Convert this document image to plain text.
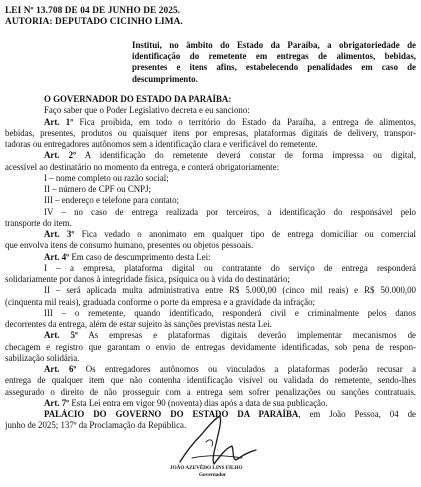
LEI Nº 13.708 DE 04 DE JUNHO DE 2025.
AUTORIA: DEPUTADO CICINHO LIMA.
Institui, no âmbito do Estado da Paraíba, a obrigatoriedade de
identificação do remetente em entregas de alimentos, bebidas,
presentes e itens afins, estabelecendo penalidades em caso de
descumprimento.
O GOVERNADOR DO ESTADO DA PARAÍBA:
Faço saber que o Poder Legislativo decreta e eu sanciono:
Art. 1º Fica proibida, em todo o território do Estado da Paraíba, a entrega de alimentos,
bebidas, presentes, produtos ou quaisquer itens por empresas, plataformas digitais de delivery, transpor-
tadoras ou entregadores autônomos sem a identificação clara e verificável do remetente.
Art. 2º A identificação do remetente deverá constar de forma impressa ou digital,
acessível ao destinatário no momento da entrega, e conterá obrigatoriamente:
I – nome completo ou razão social;
II – número de CPF ou CNPJ;
III – endereço e telefone para contato;
IV – no caso de entrega realizada por terceiros, a identificação do responsável pelo
transporte do item.
Art. 3º Fica vedado o anonimato em qualquer tipo de entrega domiciliar ou comercial
que envolva itens de consumo humano, presentes ou objetos pessoais.
Art. 4º Em caso de descumprimento desta Lei:
I – a empresa, plataforma digital ou contratante do serviço de entrega responderá
solidariamente por danos à integridade física, psíquica ou à vida do destinatário;
II – será aplicada multa administrativa entre R$ 5.000,00 (cinco mil reais) e R$ 50.000,00
(cinquenta mil reais), graduada conforme o porte da empresa e a gravidade da infração;
III – o remetente, quando identificado, responderá civil e criminalmente pelos danos
decorrentes da entrega, além de estar sujeito às sanções previstas nesta Lei.
Art. 5º As empresas e plataformas digitais deverão implementar mecanismos de
checagem e registro que garantam o envio de entregas devidamente identificadas, sob pena de respon-
sabilização solidária.
Art. 6º Os entregadores autônomos ou vinculados a plataformas poderão recusar a
entrega de qualquer item que não contenha identificação visível ou validada do remetente, sendo-lhes
assegurado o direito de não prosseguir com a entrega sem sofrer penalizações ou sanções contratuais.
Art. 7º Esta Lei entra em vigor 90 (noventa) dias após a data de sua publicação.
PALÁCIO DO GOVERNO DO ESTADO DA PARAÍBA, em João Pessoa, 04 de
junho de 2025; 137º da Proclamação da República.
JOÃO AZEVÊDO LINS FILHO
Governador
